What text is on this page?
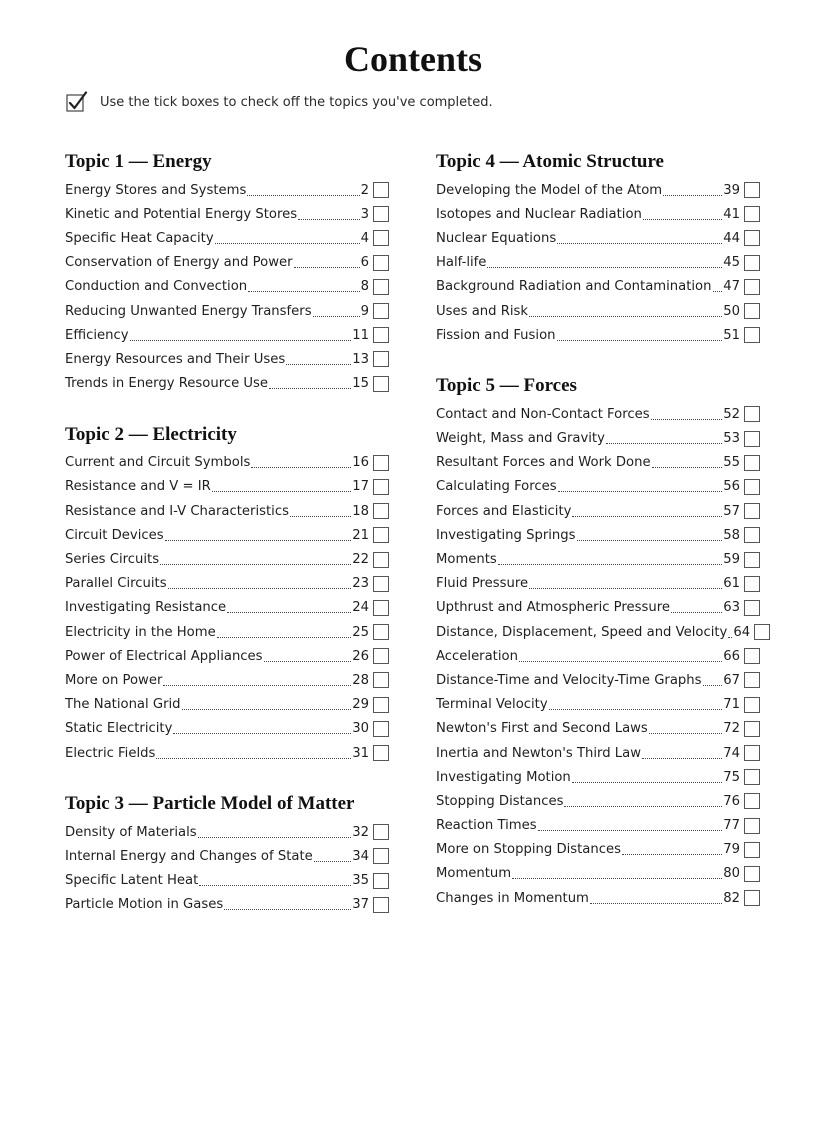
Contents
Use the tick boxes to check off the topics you've completed.
Topic 1 — Energy
Energy Stores and Systems	2
Kinetic and Potential Energy Stores	3
Specific Heat Capacity	4
Conservation of Energy and Power	6
Conduction and Convection	8
Reducing Unwanted Energy Transfers	9
Efficiency	11
Energy Resources and Their Uses	13
Trends in Energy Resource Use	15
Topic 2 — Electricity
Current and Circuit Symbols	16
Resistance and V = IR	17
Resistance and I-V Characteristics	18
Circuit Devices	21
Series Circuits	22
Parallel Circuits	23
Investigating Resistance	24
Electricity in the Home	25
Power of Electrical Appliances	26
More on Power	28
The National Grid	29
Static Electricity	30
Electric Fields	31
Topic 3 — Particle Model of Matter
Density of Materials	32
Internal Energy and Changes of State	34
Specific Latent Heat	35
Particle Motion in Gases	37
Topic 4 — Atomic Structure
Developing the Model of the Atom	39
Isotopes and Nuclear Radiation	41
Nuclear Equations	44
Half-life	45
Background Radiation and Contamination 47
Uses and Risk	50
Fission and Fusion	51
Topic 5 — Forces
Contact and Non-Contact Forces	52
Weight, Mass and Gravity	53
Resultant Forces and Work Done	55
Calculating Forces	56
Forces and Elasticity	57
Investigating Springs	58
Moments	59
Fluid Pressure	61
Upthrust and Atmospheric Pressure	63
Distance, Displacement, Speed and Velocity 64
Acceleration	66
Distance-Time and Velocity-Time Graphs 67
Terminal Velocity	71
Newton's First and Second Laws	72
Inertia and Newton's Third Law	74
Investigating Motion	75
Stopping Distances	76
Reaction Times	77
More on Stopping Distances	79
Momentum	80
Changes in Momentum	82
